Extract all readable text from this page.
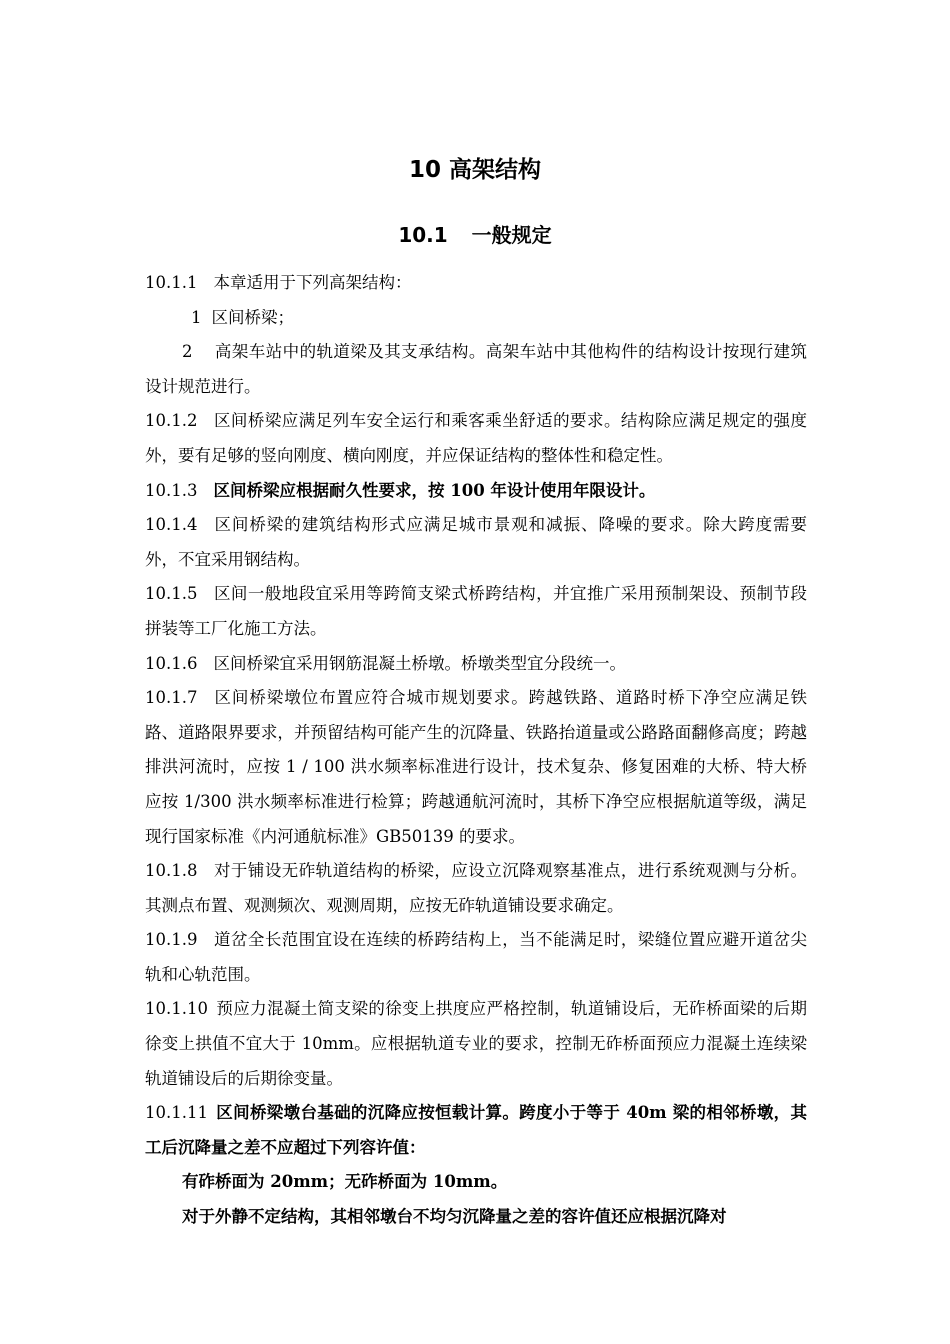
10 高架结构
10.1 一般规定

10.1.1 本章适用于下列高架结构：

1 区间桥梁；

2 高架车站中的轨道梁及其支承结构。高架车站中其他构件的结构设计按现行建筑设计规范进行。

10.1.2 区间桥梁应满足列车安全运行和乘客乘坐舒适的要求。结构除应满足规定的强度外，要有足够的竖向刚度、横向刚度，并应保证结构的整体性和稳定性。

10.1.3 区间桥梁应根据耐久性要求，按 100 年设计使用年限设计。

10.1.4 区间桥梁的建筑结构形式应满足城市景观和减振、降噪的要求。除大跨度需要外，不宜采用钢结构。

10.1.5 区间一般地段宜采用等跨简支梁式桥跨结构，并宜推广采用预制架设、预制节段拼装等工厂化施工方法。

10.1.6 区间桥梁宜采用钢筋混凝土桥墩。桥墩类型宜分段统一。

10.1.7 区间桥梁墩位布置应符合城市规划要求。跨越铁路、道路时桥下净空应满足铁路、道路限界要求，并预留结构可能产生的沉降量、铁路抬道量或公路路面翻修高度；跨越排洪河流时，应按 1 / 100 洪水频率标准进行设计，技术复杂、修复困难的大桥、特大桥应按 1/300 洪水频率标准进行检算；跨越通航河流时，其桥下净空应根据航道等级，满足现行国家标准《内河通航标准》GB50139 的要求。

10.1.8 对于铺设无砟轨道结构的桥梁，应设立沉降观察基准点，进行系统观测与分析。其测点布置、观测频次、观测周期，应按无砟轨道铺设要求确定。

10.1.9 道岔全长范围宜设在连续的桥跨结构上，当不能满足时，梁缝位置应避开道岔尖轨和心轨范围。

10.1.10 预应力混凝土简支梁的徐变上拱度应严格控制，轨道铺设后，无砟桥面梁的后期徐变上拱值不宜大于 10mm。应根据轨道专业的要求，控制无砟桥面预应力混凝土连续梁轨道铺设后的后期徐变量。

10.1.11 区间桥梁墩台基础的沉降应按恒载计算。跨度小于等于 40m 梁的相邻桥墩，其工后沉降量之差不应超过下列容许值：

有砟桥面为 20mm；无砟桥面为 10mm。

对于外静不定结构，其相邻墩台不均匀沉降量之差的容许值还应根据沉降对
